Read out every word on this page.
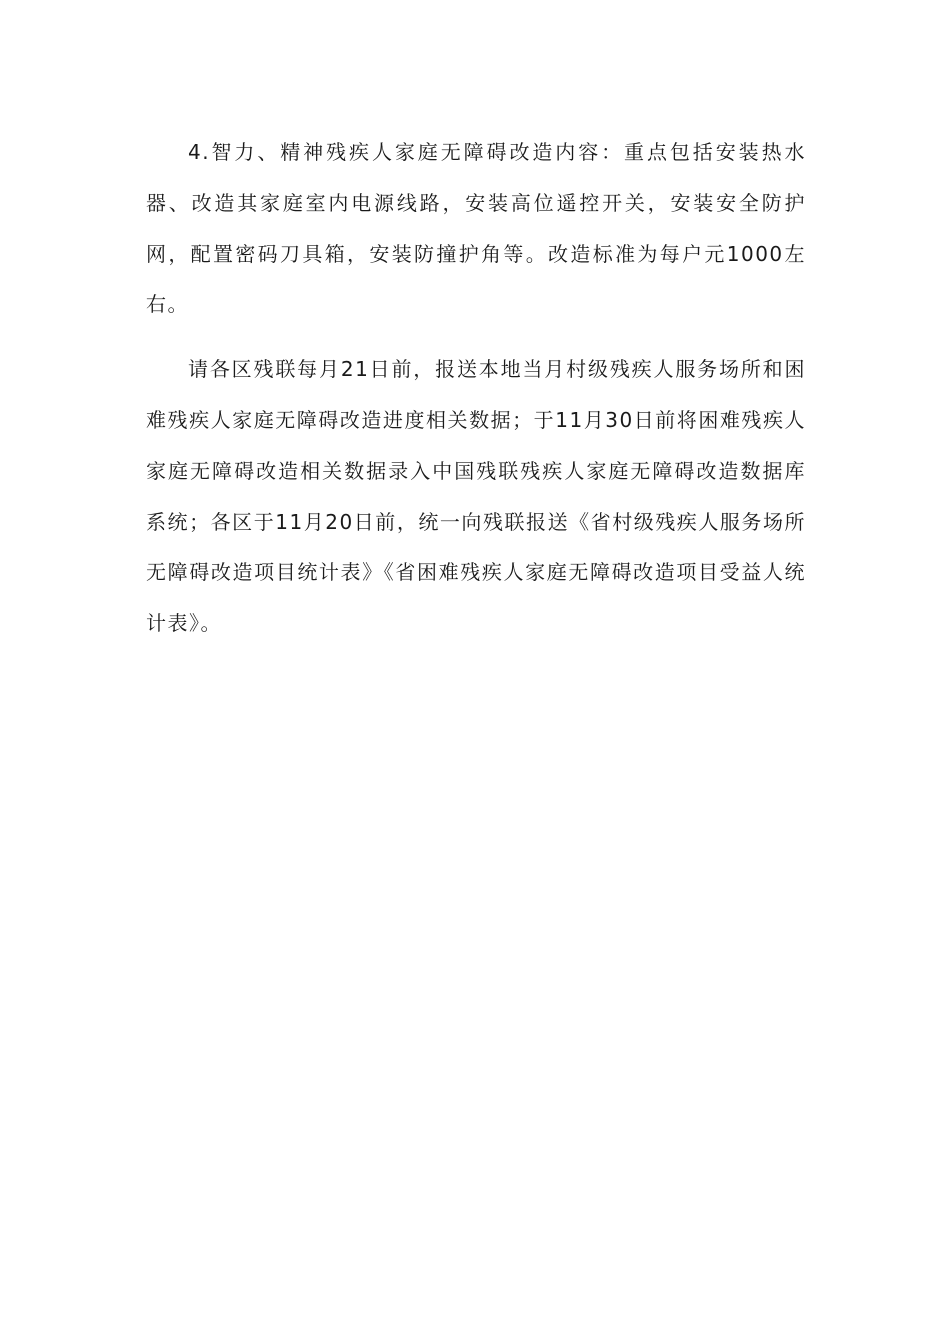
4.智力、精神残疾人家庭无障碍改造内容：重点包括安装热水器、改造其家庭室内电源线路，安装高位遥控开关，安装安全防护网，配置密码刀具箱，安装防撞护角等。改造标准为每户元1000左右。

请各区残联每月21日前，报送本地当月村级残疾人服务场所和困难残疾人家庭无障碍改造进度相关数据；于11月30日前将困难残疾人家庭无障碍改造相关数据录入中国残联残疾人家庭无障碍改造数据库系统；各区于11月20日前，统一向残联报送《省村级残疾人服务场所无障碍改造项目统计表》《省困难残疾人家庭无障碍改造项目受益人统计表》。
